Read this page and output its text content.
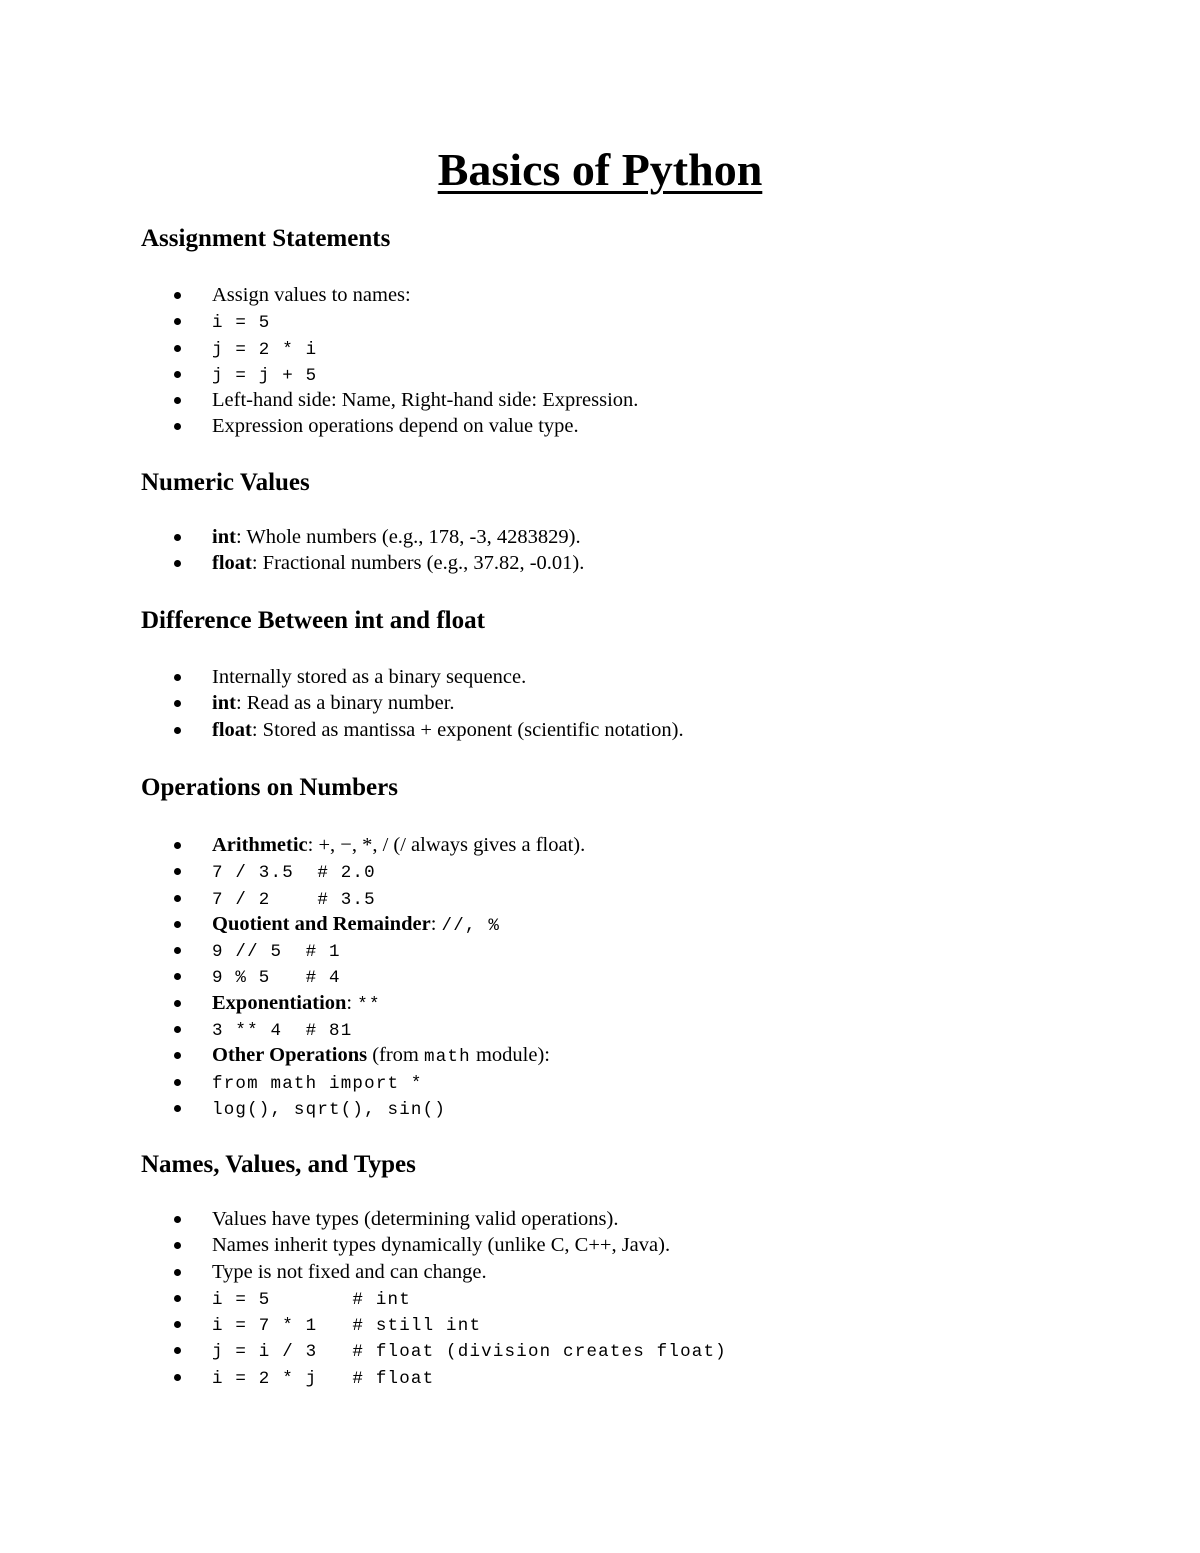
Basics of Python
Assignment Statements
Assign values to names:
i = 5
j = 2 * i
j = j + 5
Left-hand side: Name, Right-hand side: Expression.
Expression operations depend on value type.
Numeric Values
int: Whole numbers (e.g., 178, -3, 4283829).
float: Fractional numbers (e.g., 37.82, -0.01).
Difference Between int and float
Internally stored as a binary sequence.
int: Read as a binary number.
float: Stored as mantissa + exponent (scientific notation).
Operations on Numbers
Arithmetic: +, −, *, / (/ always gives a float).
7 / 3.5  # 2.0
7 / 2    # 3.5
Quotient and Remainder: //, %
9 // 5  # 1
9 % 5   # 4
Exponentiation: **
3 ** 4  # 81
Other Operations (from math module):
from math import *
log(), sqrt(), sin()
Names, Values, and Types
Values have types (determining valid operations).
Names inherit types dynamically (unlike C, C++, Java).
Type is not fixed and can change.
i = 5       # int
i = 7 * 1   # still int
j = i / 3   # float (division creates float)
i = 2 * j   # float
